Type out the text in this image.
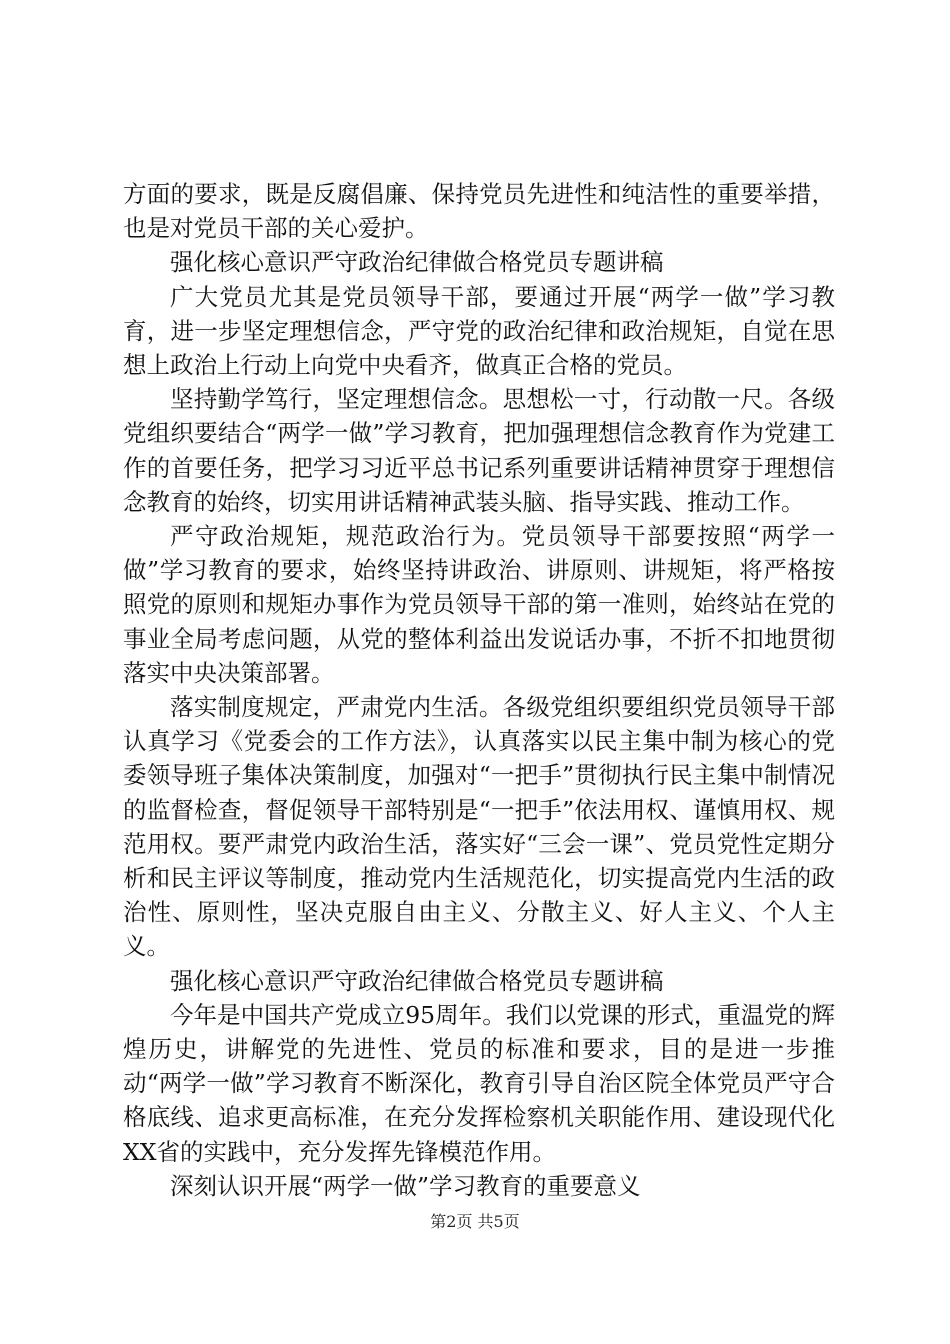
方面的要求，既是反腐倡廉、保持党员先进性和纯洁性的重要举措，也是对党员干部的关心爱护。

强化核心意识严守政治纪律做合格党员专题讲稿

广大党员尤其是党员领导干部，要通过开展“两学一做”学习教育，进一步坚定理想信念，严守党的政治纪律和政治规矩，自觉在思想上政治上行动上向党中央看齐，做真正合格的党员。

坚持勤学笃行，坚定理想信念。思想松一寸，行动散一尺。各级党组织要结合“两学一做”学习教育，把加强理想信念教育作为党建工作的首要任务，把学习习近平总书记系列重要讲话精神贯穿于理想信念教育的始终，切实用讲话精神武装头脑、指导实践、推动工作。

严守政治规矩，规范政治行为。党员领导干部要按照“两学一做”学习教育的要求，始终坚持讲政治、讲原则、讲规矩，将严格按照党的原则和规矩办事作为党员领导干部的第一准则，始终站在党的事业全局考虑问题，从党的整体利益出发说话办事，不折不扣地贯彻落实中央决策部署。

落实制度规定，严肃党内生活。各级党组织要组织党员领导干部认真学习《党委会的工作方法》，认真落实以民主集中制为核心的党委领导班子集体决策制度，加强对“一把手”贯彻执行民主集中制情况的监督检查，督促领导干部特别是“一把手”依法用权、谨慎用权、规范用权。要严肃党内政治生活，落实好“三会一课”、党员党性定期分析和民主评议等制度，推动党内生活规范化，切实提高党内生活的政治性、原则性，坚决克服自由主义、分散主义、好人主义、个人主义。

强化核心意识严守政治纪律做合格党员专题讲稿

今年是中国共产党成立95周年。我们以党课的形式，重温党的辉煌历史，讲解党的先进性、党员的标准和要求，目的是进一步推动“两学一做”学习教育不断深化，教育引导自治区院全体党员严守合格底线、追求更高标准，在充分发挥检察机关职能作用、建设现代化XX省的实践中，充分发挥先锋模范作用。

深刻认识开展“两学一做”学习教育的重要意义

第2页 共5页
